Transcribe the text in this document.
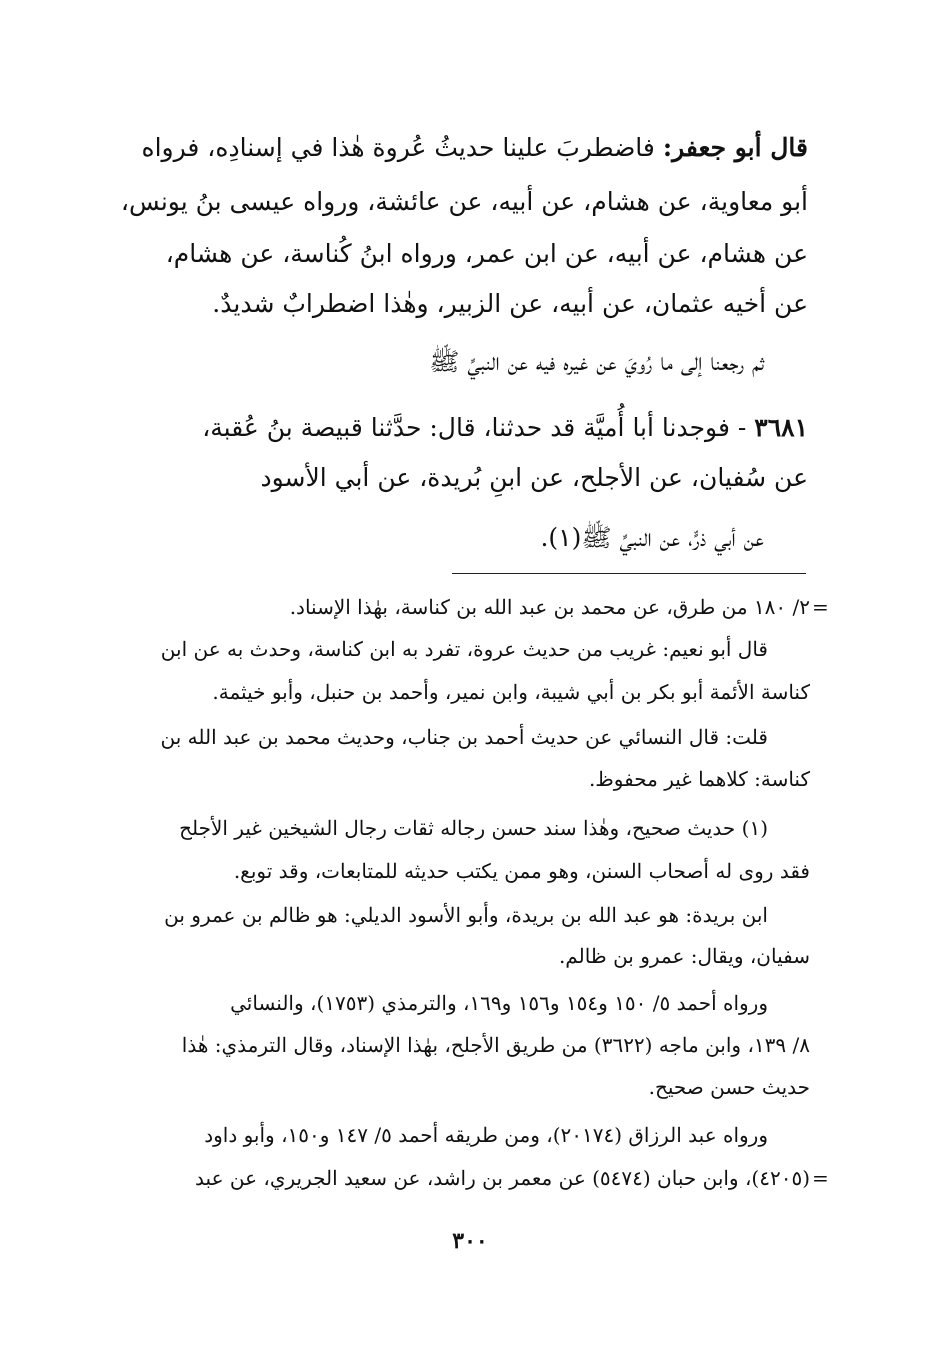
قال أبو جعفر: فاضطربَ علينا حديثُ عُروة هٰذا في إسنادِه، فرواه
أبو معاوية، عن هشام، عن أبيه، عن عائشة، ورواه عيسى بنُ يونس،
عن هشام، عن أبيه، عن ابن عمر، ورواه ابنُ كُناسة، عن هشام،
عن أخيه عثمان، عن أبيه، عن الزبير، وهٰذا اضطرابٌ شديدٌ.
ثم رجعنا إلى ما رُويَ عن غيره فيه عن النبيِّ ﷺ
٣٦٨١ - فوجدنا أبا أُميَّة قد حدثنا، قال: حدَّثنا قبيصة بنُ عُقبة،
عن سُفيان، عن الأجلح، عن ابنِ بُريدة، عن أبي الأسود
عن أبي ذرٍّ، عن النبيِّ ﷺ(١).
=
٢/ ١٨٠ من طرق، عن محمد بن عبد الله بن كناسة، بهٰذا الإسناد.
قال أبو نعيم: غريب من حديث عروة، تفرد به ابن كناسة، وحدث به عن ابن
كناسة الأئمة أبو بكر بن أبي شيبة، وابن نمير، وأحمد بن حنبل، وأبو خيثمة.
قلت: قال النسائي عن حديث أحمد بن جناب، وحديث محمد بن عبد الله بن
كناسة: كلاهما غير محفوظ.
(١) حديث صحيح، وهٰذا سند حسن رجاله ثقات رجال الشيخين غير الأجلح
فقد روى له أصحاب السنن، وهو ممن يكتب حديثه للمتابعات، وقد توبع.
ابن بريدة: هو عبد الله بن بريدة، وأبو الأسود الديلي: هو ظالم بن عمرو بن
سفيان، ويقال: عمرو بن ظالم.
ورواه أحمد ٥/ ١٥٠ و١٥٤ و١٥٦ و١٦٩، والترمذي (١٧٥٣)، والنسائي
٨/ ١٣٩، وابن ماجه (٣٦٢٢) من طريق الأجلح، بهٰذا الإسناد، وقال الترمذي: هٰذا
حديث حسن صحيح.
ورواه عبد الرزاق (٢٠١٧٤)، ومن طريقه أحمد ٥/ ١٤٧ و١٥٠، وأبو داود
(٤٢٠٥)، وابن حبان (٥٤٧٤) عن معمر بن راشد، عن سعيد الجريري، عن عبد =
٣٠٠
